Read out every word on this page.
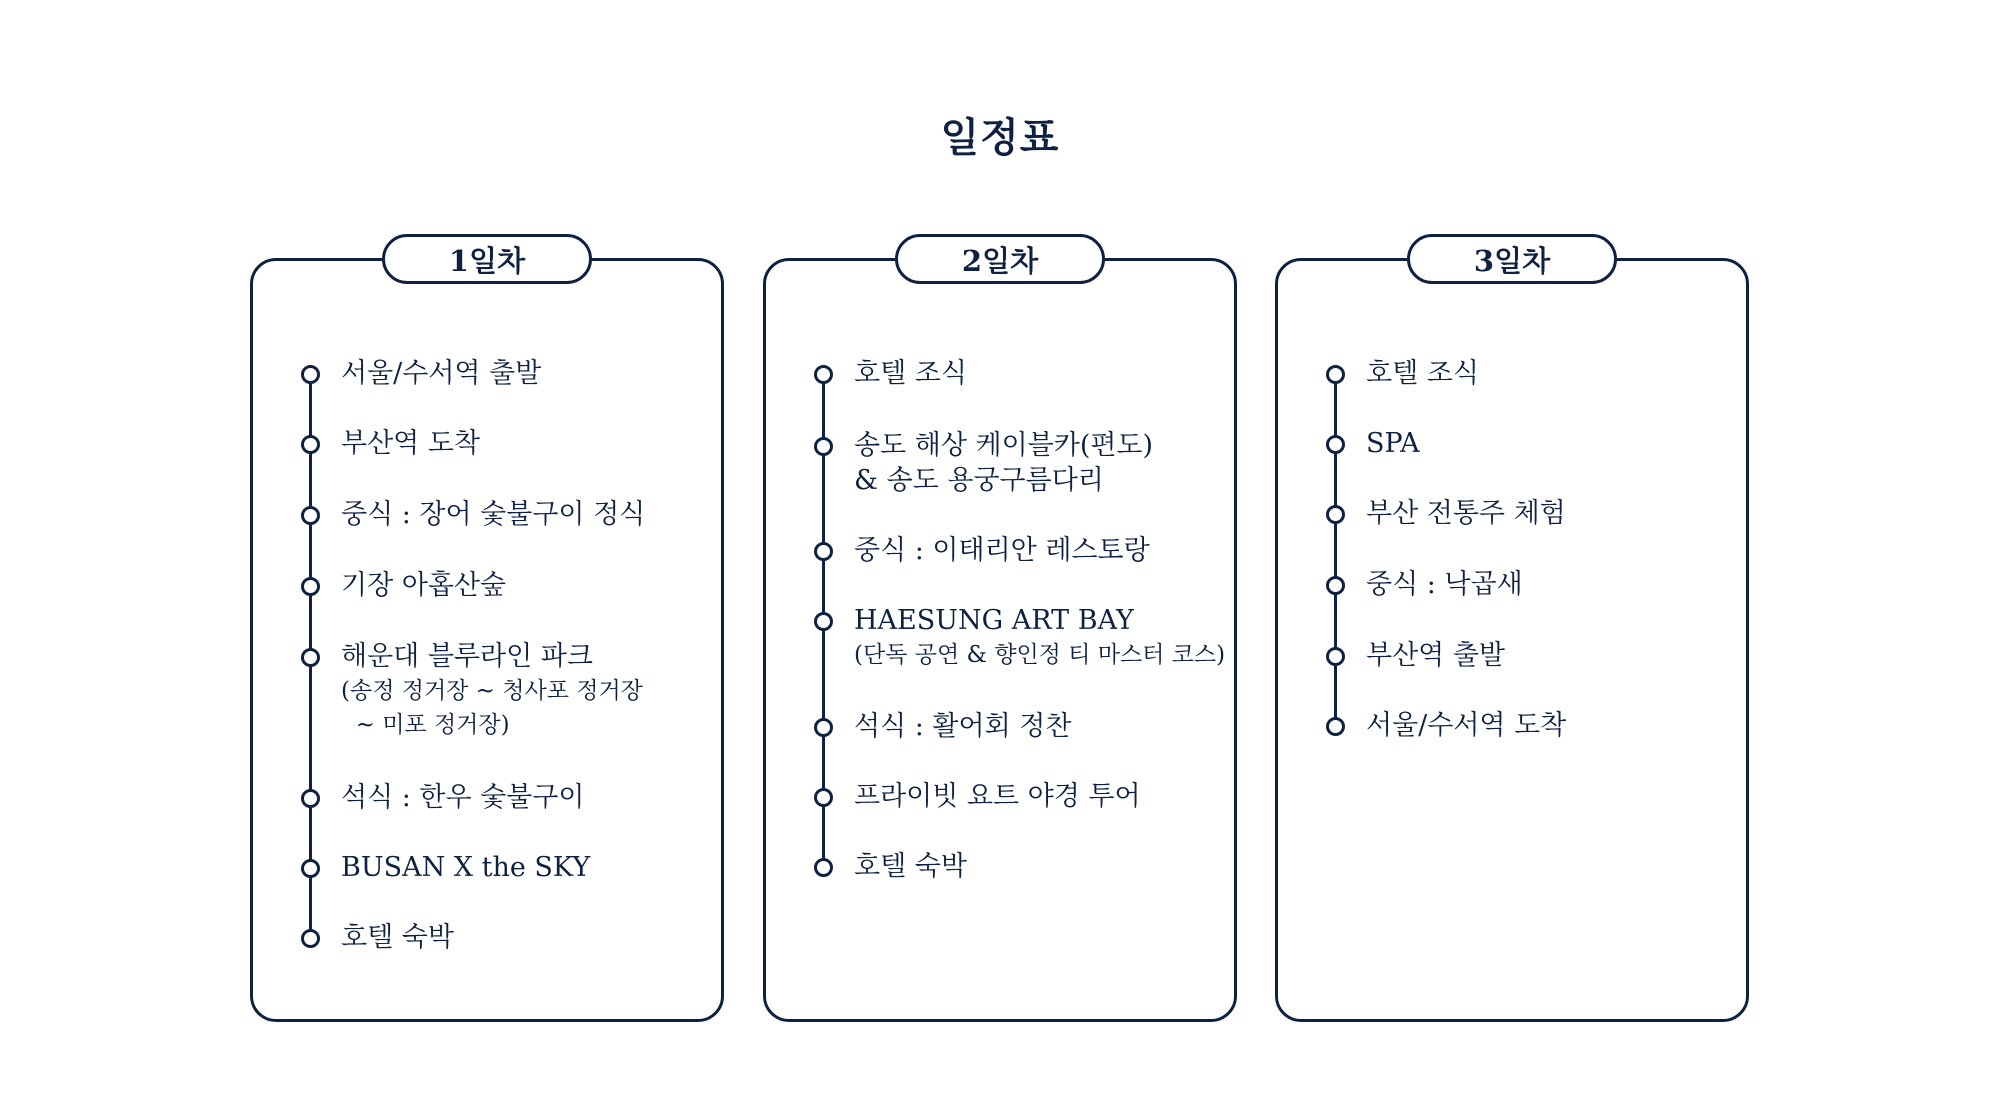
일정표
1일차
서울/수서역 출발
부산역 도착
중식 : 장어 숯불구이 정식
기장 아홉산숲
해운대 블루라인 파크
(송정 정거장 ~ 청사포 정거장
~ 미포 정거장)
석식 : 한우 숯불구이
BUSAN X the SKY
호텔 숙박
2일차
호텔 조식
송도 해상 케이블카(편도)
& 송도 용궁구름다리
중식 : 이태리안 레스토랑
HAESUNG ART BAY
(단독 공연 & 향인정 티 마스터 코스)
석식 : 활어회 정찬
프라이빗 요트 야경 투어
호텔 숙박
3일차
호텔 조식
SPA
부산 전통주 체험
중식 : 낙곱새
부산역 출발
서울/수서역 도착
